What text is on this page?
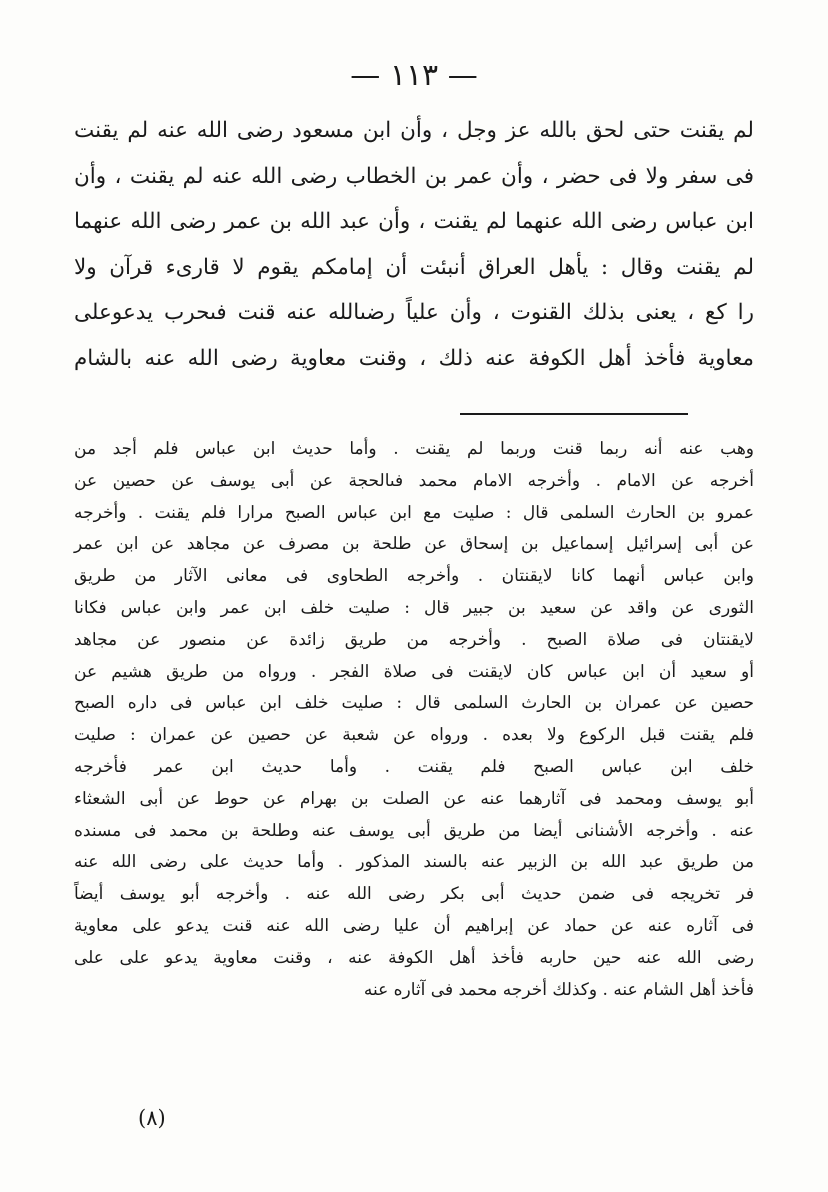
— ١١٣ —
لم يقنت حتى لحق بالله عز وجل ، وأن ابن مسعود رضى الله عنه لم يقنت
فى سفر ولا فى حضر ، وأن عمر بن الخطاب رضى الله عنه لم يقنت ، وأن
ابن عباس رضى الله عنهما لم يقنت ، وأن عبد الله بن عمر رضى الله عنهما
لم يقنت وقال : يأهل العراق أنبئت أن إمامكم يقوم لا قارىء قرآن ولا
را كع ، يعنى بذلك القنوت ، وأن علياً رضىالله عنه قنت فىحرب يدعوعلى
معاوية فأخذ أهل الكوفة عنه ذلك ، وقنت معاوية رضى الله عنه بالشام
وهب عنه أنه ربما قنت وربما لم يقنت . وأما حديث ابن عباس فلم أجد من
أخرجه عن الامام . وأخرجه الامام محمد فىالحجة عن أبى يوسف عن حصين عن
عمرو بن الحارث السلمى قال : صليت مع ابن عباس الصبح مرارا فلم يقنت . وأخرجه
عن أبى إسرائيل إسماعيل بن إسحاق عن طلحة بن مصرف عن مجاهد عن ابن عمر
وابن عباس أنهما كانا لايقنتان . وأخرجه الطحاوى فى معانى الآثار من طريق
الثورى عن واقد عن سعيد بن جبير قال : صليت خلف ابن عمر وابن عباس فكانا
لايقنتان فى صلاة الصبح . وأخرجه من طريق زائدة عن منصور عن مجاهد
أو سعيد أن ابن عباس كان لايقنت فى صلاة الفجر . ورواه من طريق هشيم عن
حصين عن عمران بن الحارث السلمى قال : صليت خلف ابن عباس فى داره الصبح
فلم يقنت قبل الركوع ولا بعده . ورواه عن شعبة عن حصين عن عمران : صليت
خلف ابن عباس الصبح فلم يقنت . وأما حديث ابن عمر فأخرجه
أبو يوسف ومحمد فى آثارهما عنه عن الصلت بن بهرام عن حوط عن أبى الشعثاء
عنه . وأخرجه الأشنانى أيضا من طريق أبى يوسف عنه وطلحة بن محمد فى مسنده
من طريق عبد الله بن الزبير عنه بالسند المذكور . وأما حديث على رضى الله عنه
فر تخريجه فى ضمن حديث أبى بكر رضى الله عنه . وأخرجه أبو يوسف أيضاً
فى آثاره عنه عن حماد عن إبراهيم أن عليا رضى الله عنه قنت يدعو على معاوية
رضى الله عنه حين حاربه فأخذ أهل الكوفة عنه ، وقنت معاوية يدعو على على
فأخذ أهل الشام عنه . وكذلك أخرجه محمد فى آثاره عنه
(٨)
